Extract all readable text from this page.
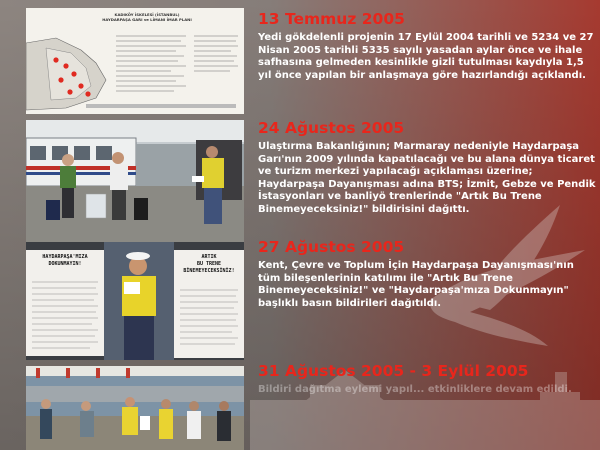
KADIKÖY İSKELESİ (İSTANBUL)
HAYDARPAŞA GARI ve LİMANI İMAR PLANI
HAYDARPAŞA'MIZA DOKUNMAYIN!
ARTIK
BU TRENE
BİNEMEYECEKSİNİZ!
13 Temmuz 2005
Yedi gökdelenli projenin 17 Eylül 2004 tarihli ve 5234 ve 27 Nisan 2005 tarihli 5335 sayılı yasadan aylar önce ve ihale safhasına gelmeden kesinlikle gizli tutulması kaydıyla 1,5 yıl önce yapılan bir anlaşmaya göre hazırlandığı açıklandı.
24 Ağustos 2005
Ulaştırma Bakanlığının; Marmaray nedeniyle Haydarpaşa Garı'nın 2009 yılında kapatılacağı ve bu alana dünya ticaret ve turizm merkezi yapılacağı açıklaması üzerine; Haydarpaşa Dayanışması adına BTS; İzmit, Gebze ve Pendik İstasyonları ve banliyö trenlerinde "Artık Bu Trene Binemeyeceksiniz!" bildirisini dağıttı.
27 Ağustos 2005
Kent, Çevre ve Toplum İçin Haydarpaşa Dayanışması'nın tüm bileşenlerinin katılımı ile "Artık Bu Trene Binemeyeceksiniz!" ve "Haydarpaşa'mıza Dokunmayın" başlıklı basın bildirileri dağıtıldı.
31 Ağustos 2005 - 3 Eylül 2005
Bildiri dağıtma eylemi yapıl... etkinliklere devam edildi.
